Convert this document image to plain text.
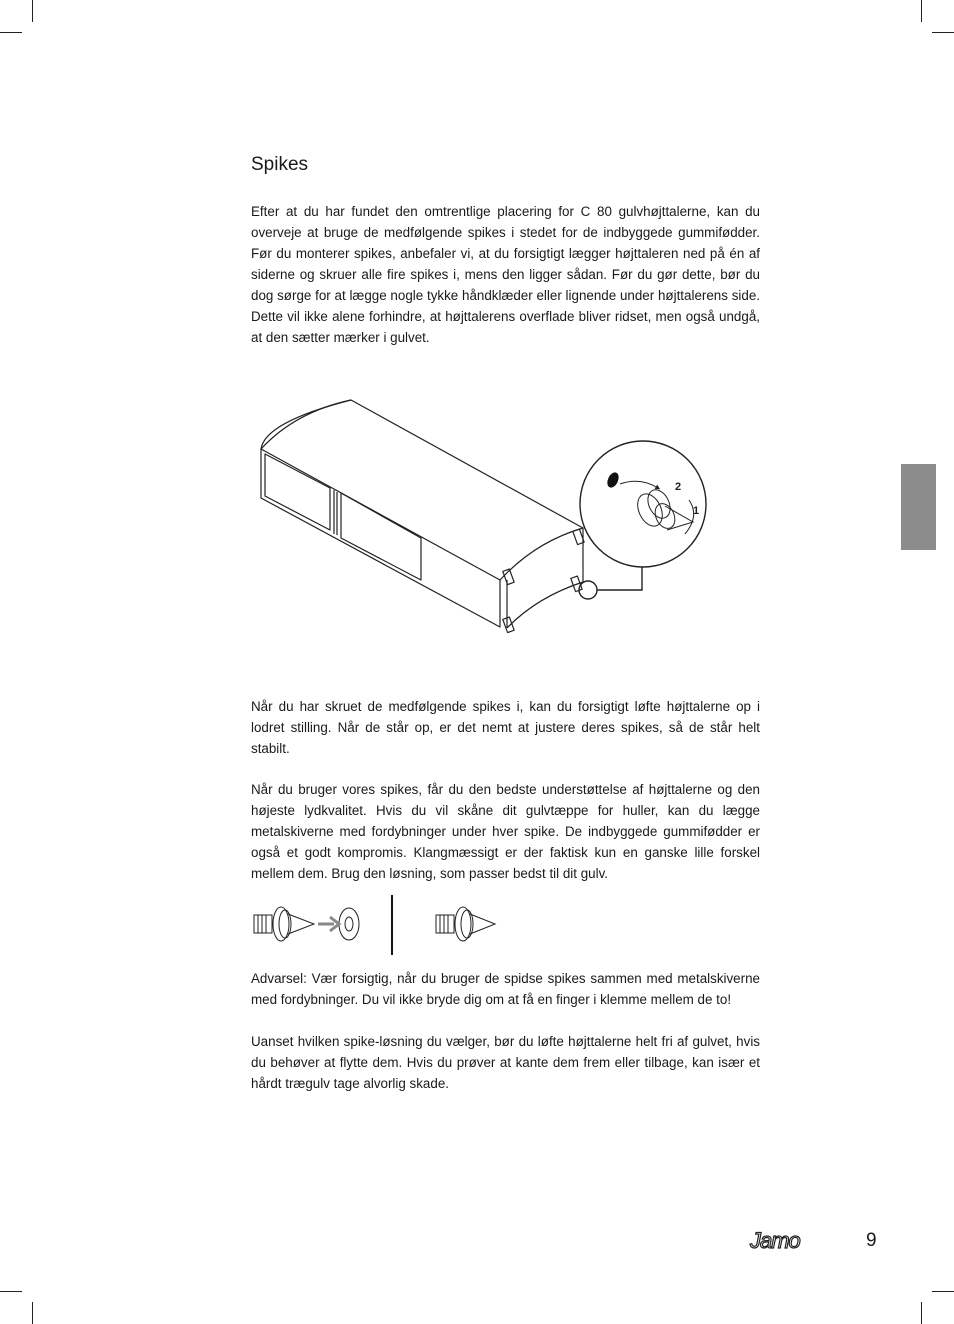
Spikes

Efter at du har fundet den omtrentlige placering for C 80 gulvhøjttalerne, kan du overveje at bruge de medfølgende spikes i stedet for de indbyggede gummifødder. Før du monterer spikes, anbefaler vi, at du forsigtigt lægger højttaleren ned på én af siderne og skruer alle fire spikes i, mens den ligger sådan. Før du gør dette, bør du dog sørge for at lægge nogle tykke håndklæder eller lignende under højttalerens side. Dette vil ikke alene forhindre, at højttalerens overflade bliver ridset, men også undgå, at den sætter mærker i gulvet.

2
1

Når du har skruet de medfølgende spikes i, kan du forsigtigt løfte højttalerne op i lodret stilling. Når de står op, er det nemt at justere deres spikes, så de står helt stabilt.

Når du bruger vores spikes, får du den bedste understøttelse af højttalerne og den højeste lydkvalitet. Hvis du vil skåne dit gulvtæppe for huller, kan du lægge metalskiverne med fordybninger under hver spike. De indbyggede gummifødder er også et godt kompromis. Klangmæssigt er der faktisk kun en ganske lille forskel mellem dem. Brug den løsning, som passer bedst til dit gulv.

Advarsel: Vær forsigtig, når du bruger de spidse spikes sammen med metalskiverne med fordybninger. Du vil ikke bryde dig om at få en finger i klemme mellem de to!

Uanset hvilken spike-løsning du vælger, bør du løfte højttalerne helt fri af gulvet, hvis du behøver at flytte dem. Hvis du prøver at kante dem frem eller tilbage, kan især et hårdt trægulv tage alvorlig skade.

Jamo	9
